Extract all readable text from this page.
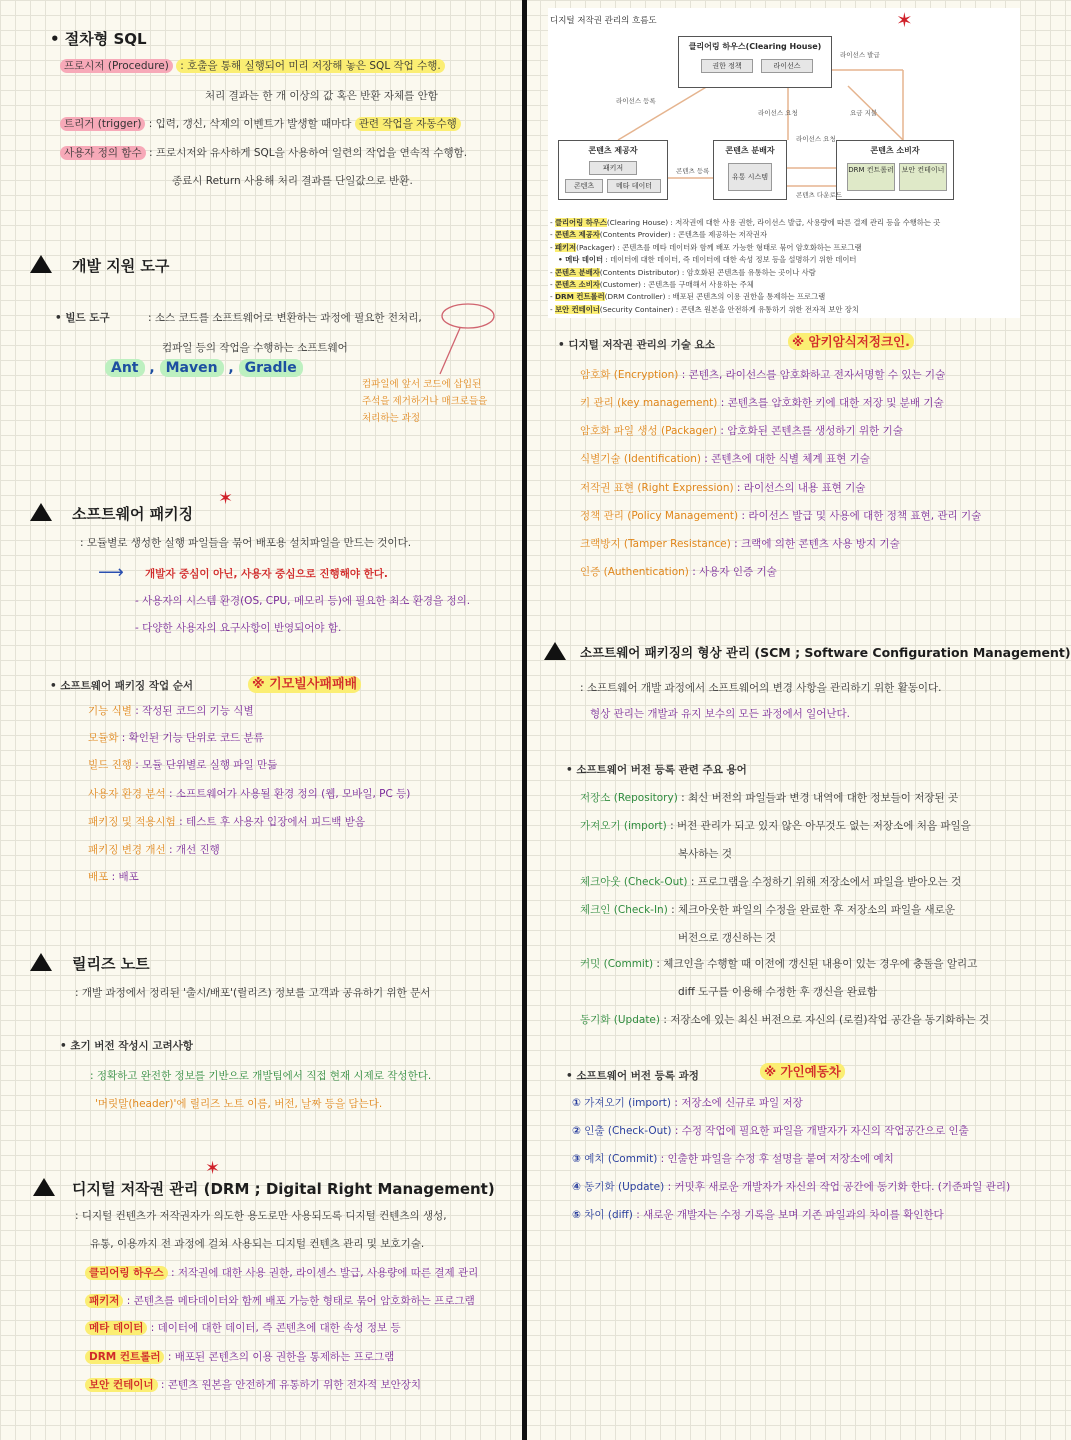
• 절차형 SQL
프로시저 (Procedure) : 호출을 통해 실행되어 미리 저장해 놓은 SQL 작업 수행.
처리 결과는 한 개 이상의 값 혹은 반환 자체를 안함
트리거 (trigger) : 입력, 갱신, 삭제의 이벤트가 발생할 때마다 관련 작업을 자동수행
사용자 정의 함수 : 프로시저와 유사하게 SQL을 사용하여 일련의 작업을 연속적 수행함.
종료시 Return 사용해 처리 결과를 단일값으로 반환.
개발 지원 도구
• 빌드 도구	: 소스 코드를 소프트웨어로 변환하는 과정에 필요한 전처리,
컴파일 등의 작업을 수행하는 소프트웨어
Ant , Maven , Gradle
컴파일에 앞서 코드에 삽입된
주석을 제거하거나 매크로들을
처리하는 과정
소프트웨어 패키징
✶
: 모듈별로 생성한 실행 파일들을 묶어 배포용 설치파일을 만드는 것이다.
⟶ 개발자 중심이 아닌, 사용자 중심으로 진행해야 한다.
- 사용자의 시스템 환경(OS, CPU, 메모리 등)에 필요한 최소 환경을 정의.
- 다양한 사용자의 요구사항이 반영되어야 함.
• 소프트웨어 패키징 작업 순서	※ 기모빌사패패배
기능 식별 : 작성된 코드의 기능 식별
모듈화 : 확인된 기능 단위로 코드 분류
빌드 진행 : 모듈 단위별로 실행 파일 만듦
사용자 환경 분석 : 소프트웨어가 사용될 환경 정의 (웹, 모바일, PC 등)
패키징 및 적용시험 : 테스트 후 사용자 입장에서 피드백 받음
패키징 변경 개선 : 개선 진행
배포 : 배포
릴리즈 노트
: 개발 과정에서 정리된 '출시/배포'(릴리즈) 정보를 고객과 공유하기 위한 문서
• 초기 버전 작성시 고려사항
: 정확하고 완전한 정보를 기반으로 개발팀에서 직접 현재 시제로 작성한다.
'머릿말(header)'에 릴리즈 노트 이름, 버전, 날짜 등을 담는다.
디지털 저작권 관리 (DRM ; Digital Right Management)
✶
: 디지털 컨텐츠가 저작권자가 의도한 용도로만 사용되도록 디지털 컨텐츠의 생성,
유통, 이용까지 전 과정에 걸쳐 사용되는 디지털 컨텐츠 관리 및 보호기술.
클리어링 하우스 : 저작권에 대한 사용 권한, 라이센스 발급, 사용량에 따른 결제 관리
패키저 : 콘텐츠를 메타데이터와 함께 배포 가능한 형태로 묶어 암호화하는 프로그램
메타 데이터 : 데이터에 대한 데이터, 즉 콘텐츠에 대한 속성 정보 등
DRM 컨트롤러 : 배포된 콘텐츠의 이용 권한을 통제하는 프로그램
보안 컨테이너 : 콘텐츠 원본을 안전하게 유통하기 위한 전자적 보안장치
디지털 저작권 관리의 흐름도	✶
클리어링 하우스(Clearing House)
권한 정책	라이선스
콘텐츠 제공자
패키저
콘텐츠	메타 데이터
콘텐츠 분배자
유통 시스템
콘텐츠 소비자
DRM 컨트롤러	보안 컨테이너
라이선스 발급
라이선스 등록
라이선스 요청	요금 지불
콘텐츠 등록
라이선스 요청
콘텐츠 다운로드
- 클리어링 하우스(Clearing House) : 저작권에 대한 사용 권한, 라이선스 발급, 사용량에 따른 결제 관리 등을 수행하는 곳
- 콘텐츠 제공자(Contents Provider) : 콘텐츠를 제공하는 저작권자
- 패키저(Packager) : 콘텐츠를 메타 데이터와 함께 배포 가능한 형태로 묶어 암호화하는 프로그램
• 메타 데이터 : 데이터에 대한 데이터, 즉 데이터에 대한 속성 정보 등을 설명하기 위한 데이터
- 콘텐츠 분배자(Contents Distributor) : 암호화된 콘텐츠를 유통하는 곳이나 사람
- 콘텐츠 소비자(Customer) : 콘텐츠를 구매해서 사용하는 주체
- DRM 컨트롤러(DRM Controller) : 배포된 콘텐츠의 이용 권한을 통제하는 프로그램
- 보안 컨테이너(Security Container) : 콘텐츠 원본을 안전하게 유통하기 위한 전자적 보안 장치
• 디지털 저작권 관리의 기술 요소	※ 암키암식저정크인.
암호화 (Encryption) : 콘텐츠, 라이선스를 암호화하고 전자서명할 수 있는 기술
키 관리 (key management) : 콘텐츠를 암호화한 키에 대한 저장 및 분배 기술
암호화 파일 생성 (Packager) : 암호화된 콘텐츠를 생성하기 위한 기술
식별기술 (Identification) : 콘텐츠에 대한 식별 체계 표현 기술
저작권 표현 (Right Expression) : 라이선스의 내용 표현 기술
정책 관리 (Policy Management) : 라이선스 발급 및 사용에 대한 정책 표현, 관리 기술
크랙방지 (Tamper Resistance) : 크랙에 의한 콘텐츠 사용 방지 기술
인증 (Authentication) : 사용자 인증 기술
소프트웨어 패키징의 형상 관리 (SCM ; Software Configuration Management)
: 소프트웨어 개발 과정에서 소프트웨어의 변경 사항을 관리하기 위한 활동이다.
형상 관리는 개발과 유지 보수의 모든 과정에서 일어난다.
• 소프트웨어 버전 등록 관련 주요 용어
저장소 (Repository) : 최신 버전의 파일들과 변경 내역에 대한 정보들이 저장된 곳
가져오기 (import) : 버전 관리가 되고 있지 않은 아무것도 없는 저장소에 처음 파일을
복사하는 것
체크아웃 (Check-Out) : 프로그램을 수정하기 위해 저장소에서 파일을 받아오는 것
체크인 (Check-In) : 체크아웃한 파일의 수정을 완료한 후 저장소의 파일을 새로운
버전으로 갱신하는 것
커밋 (Commit) : 체크인을 수행할 때 이전에 갱신된 내용이 있는 경우에 충돌을 알리고
diff 도구를 이용해 수정한 후 갱신을 완료함
동기화 (Update) : 저장소에 있는 최신 버전으로 자신의 (로컬)작업 공간을 동기화하는 것
• 소프트웨어 버전 등록 과정	※ 가인예동차
① 가져오기 (import) : 저장소에 신규로 파일 저장
② 인출 (Check-Out) : 수정 작업에 필요한 파일을 개발자가 자신의 작업공간으로 인출
③ 예치 (Commit) : 인출한 파일을 수정 후 설명을 붙여 저장소에 예치
④ 동기화 (Update) : 커밋후 새로운 개발자가 자신의 작업 공간에 동기화 한다. (기준파일 관리)
⑤ 차이 (diff) : 새로운 개발자는 수정 기록을 보며 기존 파일과의 차이를 확인한다
